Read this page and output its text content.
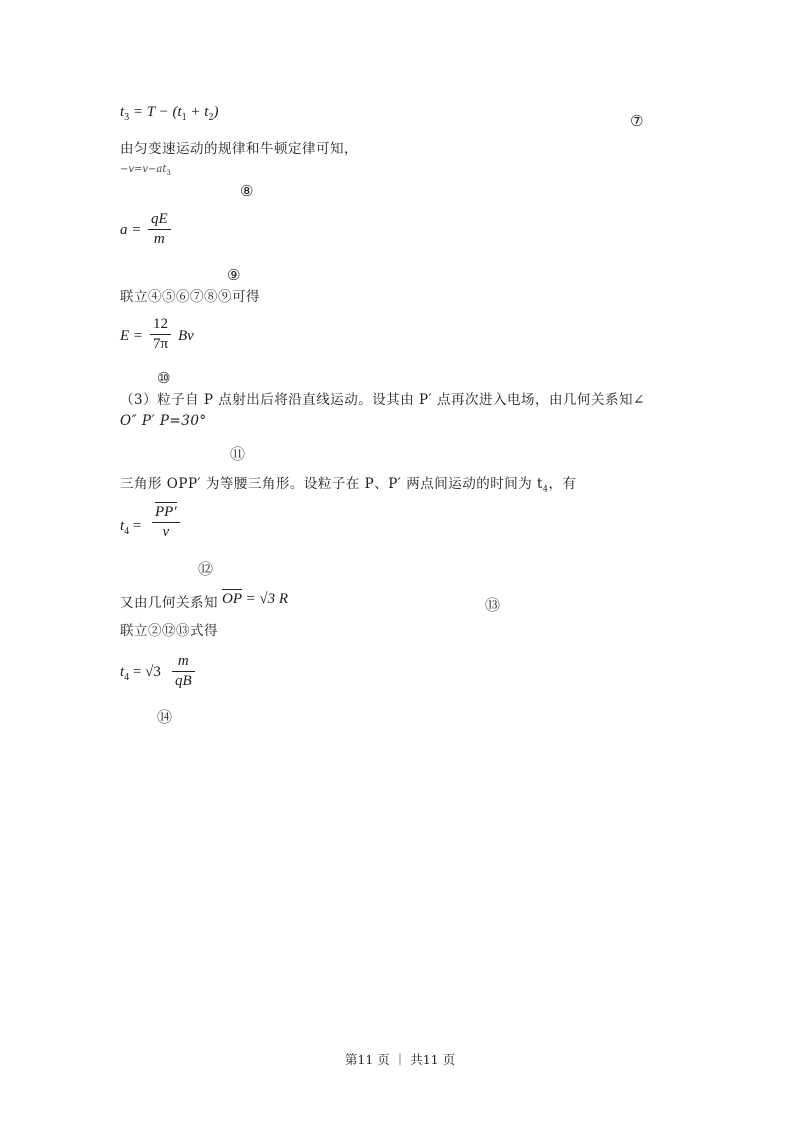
$t_3 = T - (t_1 + t_2)$	⑦
由匀变速运动的规律和牛顿定律可知，
$-v=v-at_3$
⑧
a =
qE
m
⑨
联立④⑤⑥⑦⑧⑨可得
E =
12
7π Bv
⑩
（3）粒子自 P 点射出后将沿直线运动。设其由 P′ 点再次进入电场，由几何关系知∠
O″ P′ P=30°
⑪
三角形 OPP′ 为等腰三角形。设粒子在 P、P′ 两点间运动的时间为 $t_4$，有
$t_4$ =
PP′
v
⑫
又由几何关系知 OP = √3 R	⑬
联立②⑫⑬式得
$t_4 = √3$
m
qB
⑭
第11 页 ｜ 共11 页
